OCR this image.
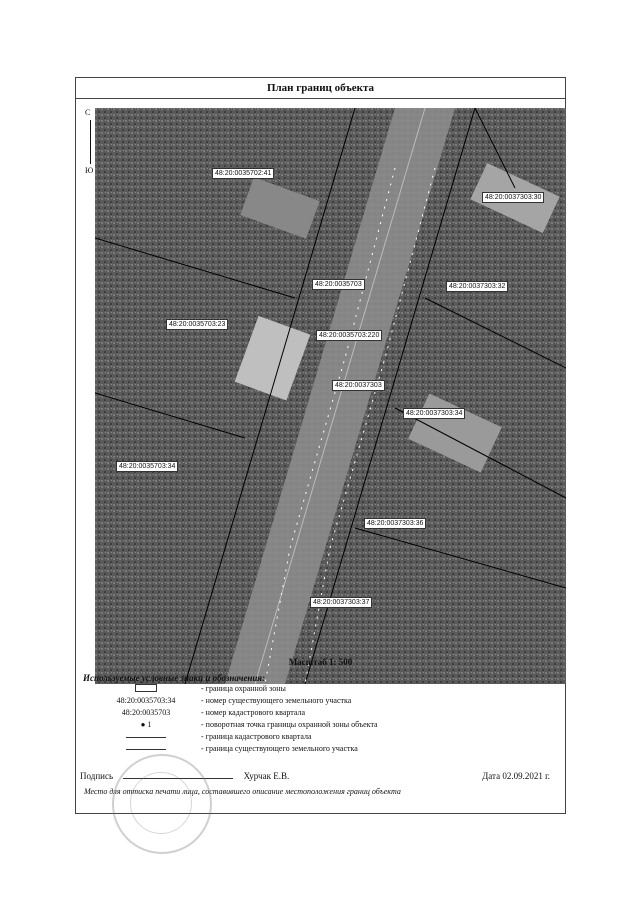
План границ объекта
48:20:0035702:41
48:20:0037303:30
48:20:0035703	48:20:0037303:32
48:20:0035703:23
48:20:0035703:220
48:20:0037303
48:20:0037303:34
48:20:0035703:34
48:20:0037303:36
48:20:0037303:37
Масштаб 1: 500
Используемые условные знаки и обозначения:
- граница охранной зоны
48:20:0035703:34	- номер существующего земельного участка
48:20:0035703	- номер кадастрового квартала
● 1	- поворотная точка границы охранной зоны объекта
- граница кадастрового квартала
- граница существующего земельного участка
Подпись	Хурчак Е.В.	Дата 02.09.2021 г.
Место для оттиска печати лица, составившего описание местоположения границ объекта
С
Ю
